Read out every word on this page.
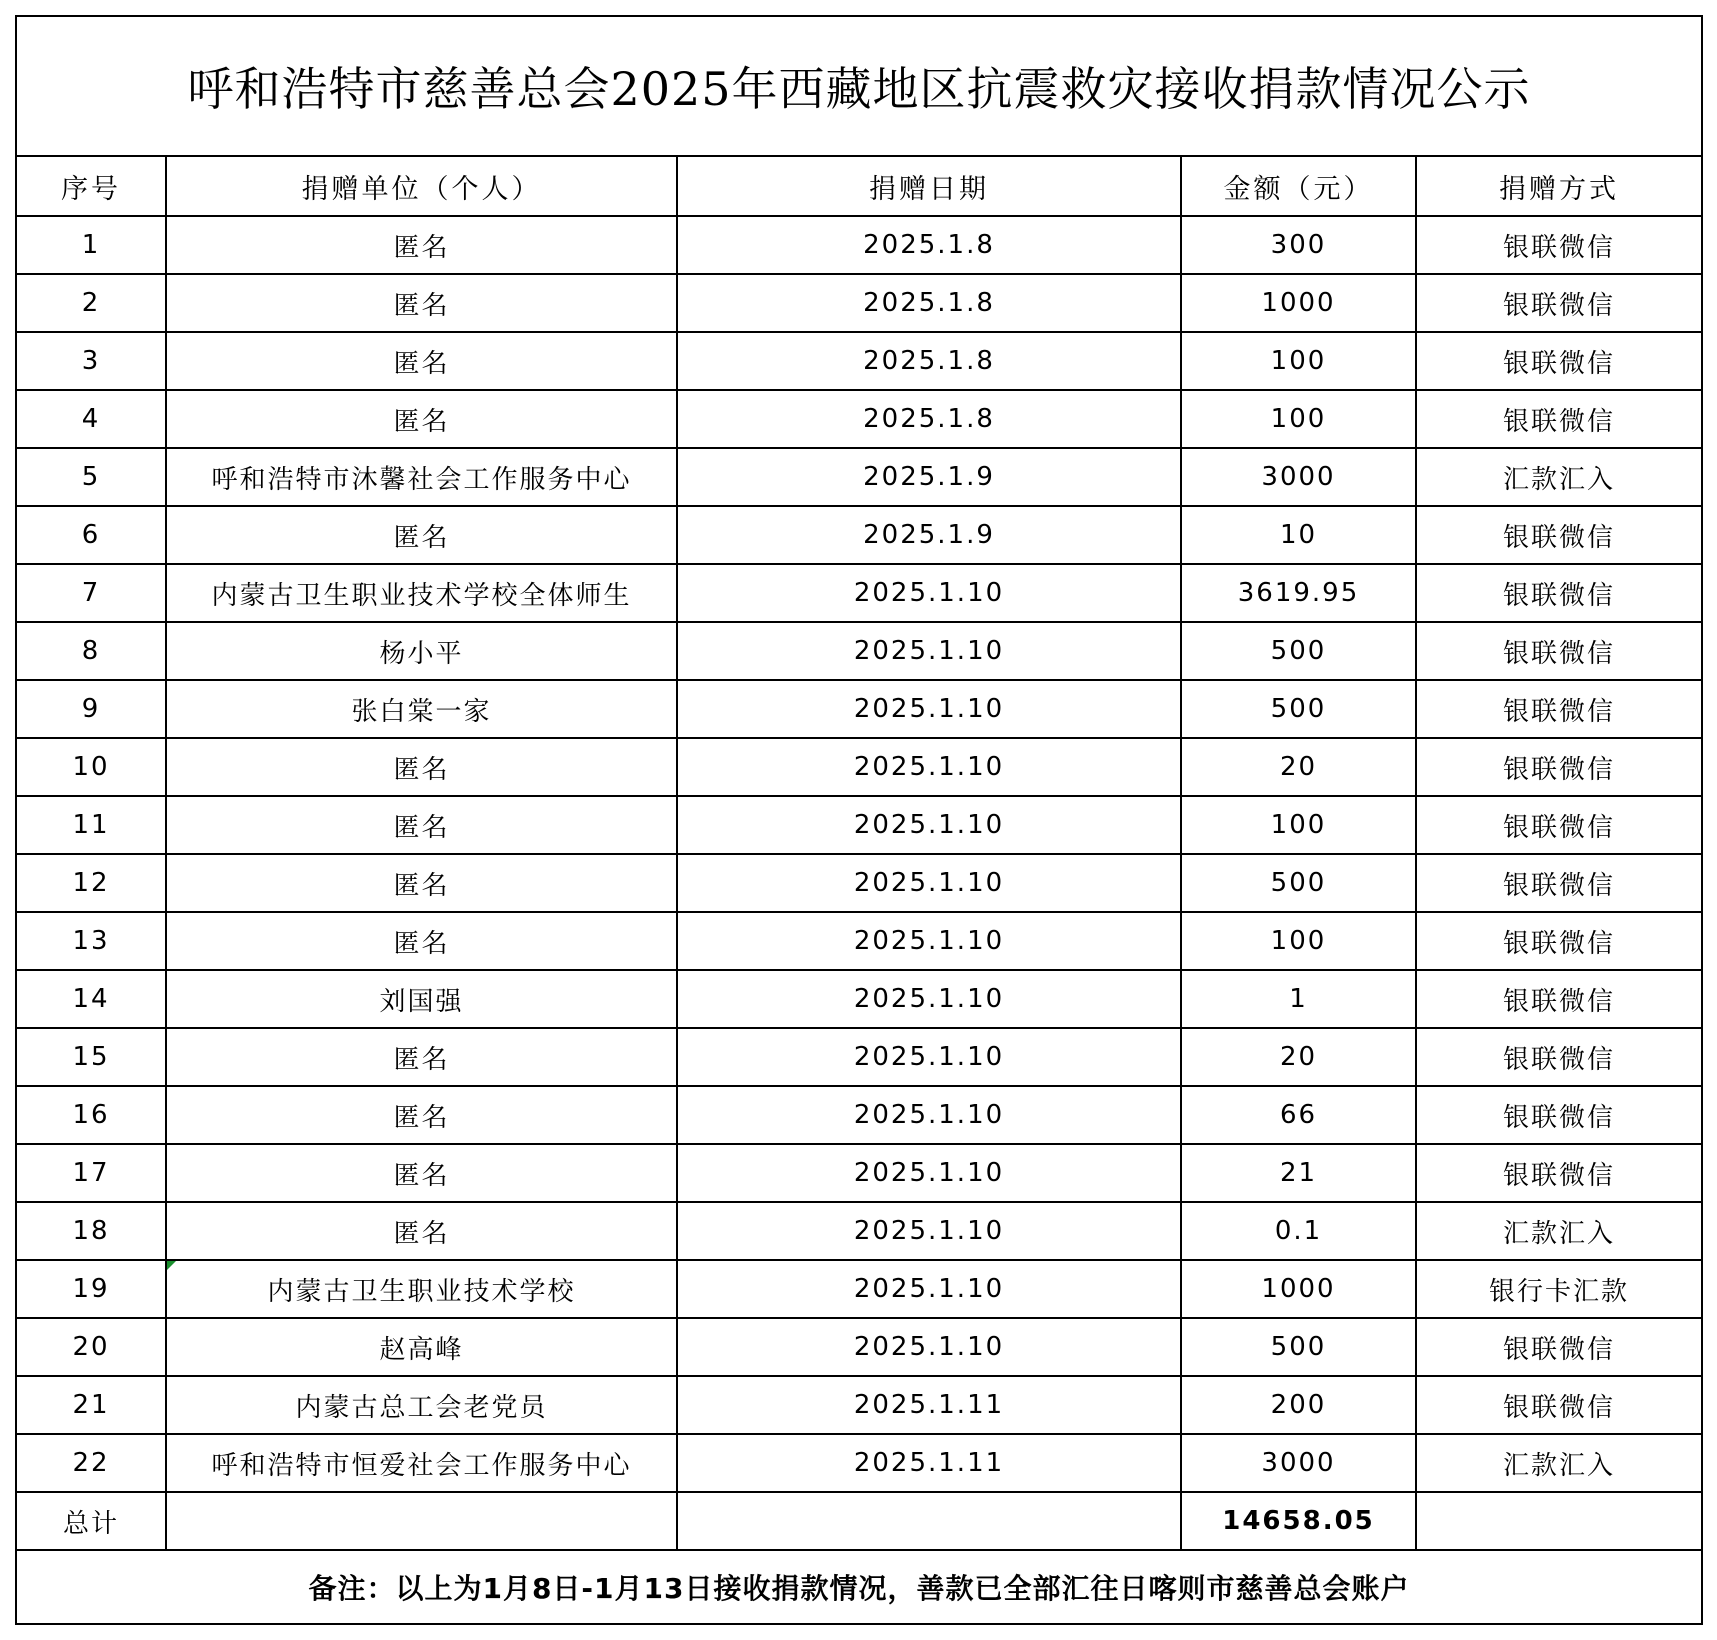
呼和浩特市慈善总会2025年西藏地区抗震救灾接收捐款情况公示				
序号	捐赠单位（个人）	捐赠日期	金额（元）	捐赠方式
1	匿名	2025.1.8	300	银联微信
2	匿名	2025.1.8	1000	银联微信
3	匿名	2025.1.8	100	银联微信
4	匿名	2025.1.8	100	银联微信
5	呼和浩特市沐馨社会工作服务中心	2025.1.9	3000	汇款汇入
6	匿名	2025.1.9	10	银联微信
7	内蒙古卫生职业技术学校全体师生	2025.1.10	3619.95	银联微信
8	杨小平	2025.1.10	500	银联微信
9	张白棠一家	2025.1.10	500	银联微信
10	匿名	2025.1.10	20	银联微信
11	匿名	2025.1.10	100	银联微信
12	匿名	2025.1.10	500	银联微信
13	匿名	2025.1.10	100	银联微信
14	刘国强	2025.1.10	1	银联微信
15	匿名	2025.1.10	20	银联微信
16	匿名	2025.1.10	66	银联微信
17	匿名	2025.1.10	21	银联微信
18	匿名	2025.1.10	0.1	汇款汇入
19	内蒙古卫生职业技术学校	2025.1.10	1000	银行卡汇款
20	赵高峰	2025.1.10	500	银联微信
21	内蒙古总工会老党员	2025.1.11	200	银联微信
22	呼和浩特市恒爱社会工作服务中心	2025.1.11	3000	汇款汇入
总计			14658.05	
备注：以上为1月8日-1月13日接收捐款情况，善款已全部汇往日喀则市慈善总会账户				
